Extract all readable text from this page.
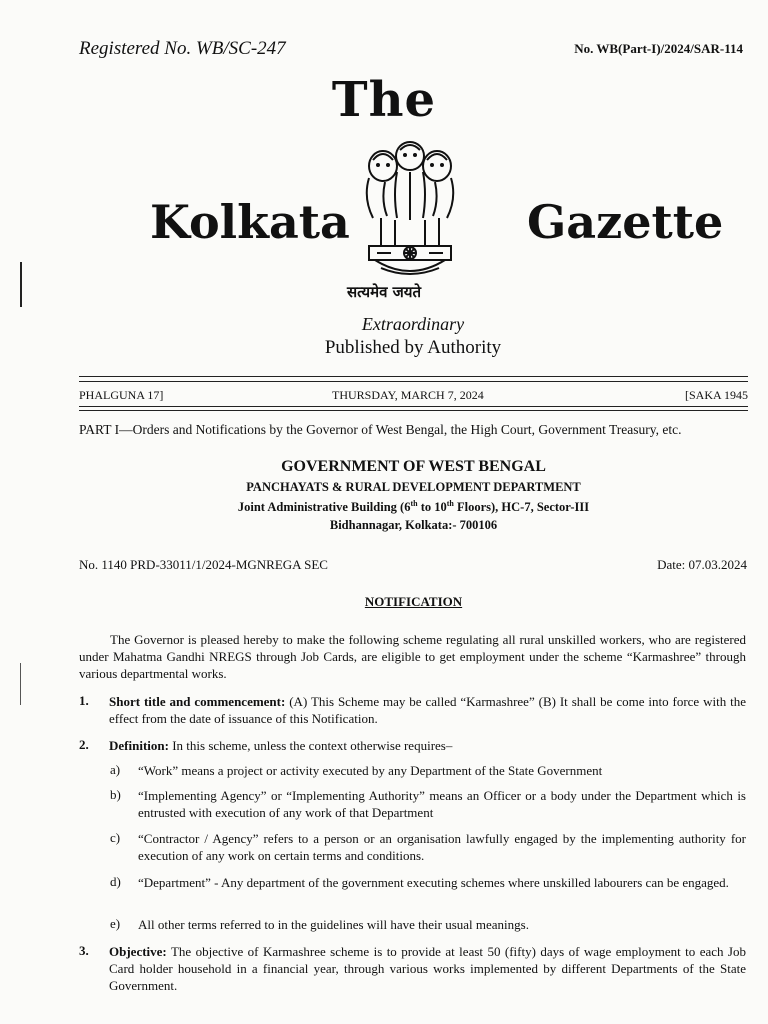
Registered No. WB/SC-247	No. WB(Part-I)/2024/SAR-114
The
Kolkata	Gazette
सत्यमेव जयते
Extraordinary
Published by Authority
PHALGUNA 17]	THURSDAY, MARCH 7, 2024	[SAKA 1945
PART I—Orders and Notifications by the Governor of West Bengal, the High Court, Government Treasury, etc.
GOVERNMENT OF WEST BENGAL
PANCHAYATS & RURAL DEVELOPMENT DEPARTMENT
Joint Administrative Building (6th to 10th Floors), HC-7, Sector-III
Bidhannagar, Kolkata:- 700106
No. 1140 PRD-33011/1/2024-MGNREGA SEC	Date: 07.03.2024
NOTIFICATION
The Governor is pleased hereby to make the following scheme regulating all rural unskilled workers, who are registered under Mahatma Gandhi NREGS through Job Cards, are eligible to get employment under the scheme “Karmashree” through various departmental works.
1. Short title and commencement: (A) This Scheme may be called “Karmashree” (B) It shall be come into force with the effect from the date of issuance of this Notification.
2. Definition: In this scheme, unless the context otherwise requires–
a) “Work” means a project or activity executed by any Department of the State Government
b) “Implementing Agency” or “Implementing Authority” means an Officer or a body under the Department which is entrusted with execution of any work of that Department
c) “Contractor / Agency” refers to a person or an organisation lawfully engaged by the implementing authority for execution of any work on certain terms and conditions.
d) “Department” - Any department of the government executing schemes where unskilled labourers can be engaged.
e) All other terms referred to in the guidelines will have their usual meanings.
3. Objective: The objective of Karmashree scheme is to provide at least 50 (fifty) days of wage employment to each Job Card holder household in a financial year, through various works implemented by different Departments of the State Government.
